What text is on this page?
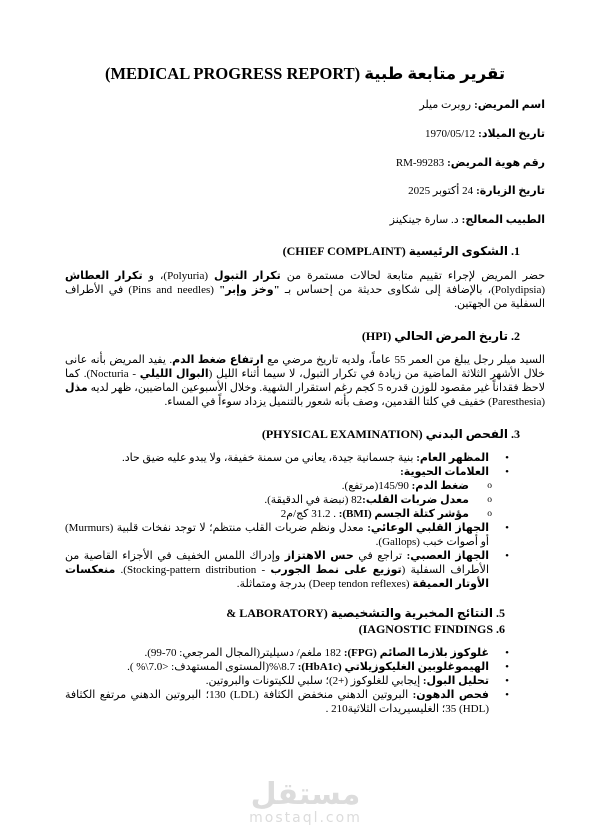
تقرير متابعة طبية (MEDICAL PROGRESS REPORT)
اسم المريض:روبرت ميلر
تاريخ الميلاد:1970/05/12
رقم هوية المريض:RM-99283
تاريخ الزيارة:24 أكتوبر 2025
الطبيب المعالج:د. سارة جينكينز
1. الشكوى الرئيسية (CHIEF COMPLAINT)

حضر المريض لإجراء تقييم متابعة لحالات مستمرة من تكرار التبول (Polyuria)، و تكرار العطاش (Polydipsia)، بالإضافة إلى شكاوى حديثة من إحساس بـ "وخز وإبر" (Pins and needles) في الأطراف السفلية من الجهتين.

2. تاريخ المرض الحالي (HPI)

السيد ميلر رجل يبلغ من العمر 55 عاماً، ولديه تاريخ مرضي مع ارتفاع ضغط الدم. يفيد المريض بأنه عانى خلال الأشهر الثلاثة الماضية من زيادة في تكرار التبول، لا سيما أثناء الليل (البوال الليلي - Nocturia). كما لاحظ فقداناً غير مقصود للوزن قدره 5 كجم رغم استقرار الشهية. وخلال الأسبوعين الماضيين، ظهر لديه مذل (Paresthesia) خفيف في كلتا القدمين، وصف بأنه شعور بالتنميل يزداد سوءاً في المساء.

3. الفحص البدني (PHYSICAL EXAMINATION)
• المظهر العام: بنية جسمانية جيدة، يعاني من سمنة خفيفة، ولا يبدو عليه ضيق حاد.
• العلامات الحيوية:
o ضغط الدم: 145/90(مرتفع).
o معدل ضربات القلب:82 (نبضة في الدقيقة).
o مؤشر كتلة الجسم (BMI): . 31.2 كج/م2
• الجهاز القلبي الوعائي: معدل ونظم ضربات القلب منتظم؛ لا توجد نفخات قلبية (Murmurs) أو أصوات خبب (Gallops).
• الجهاز العصبي: تراجع في حس الاهتزاز وإدراك اللمس الخفيف في الأجزاء القاصية من الأطراف السفلية (توزيع على نمط الجورب - Stocking-pattern distribution). منعكسات الأوتار العميقة (Deep tendon reflexes) بدرجة ومتماثلة.
5. النتائج المخبرية والتشخيصية (LABORATORY &
6. (IAGNOSTIC FINDINGS
• غلوكوز بلازما الصائم (FPG): 182 ملغم/ دسيليتر(المجال المرجعي: 70-99).
• الهيموغلوبين الغليكوزيلاتي (HbA1c): 8.7\%(المستوى المستهدف: <7.0\% ).
• تحليل البول: إيجابي للغلوكوز (+2)؛ سلبي للكيتونات والبروتين.
• فحص الدهون: البروتين الدهني منخفض الكثافة (LDL) 130؛ البروتين الدهني مرتفع الكثافة (HDL) 35؛ الغليسيريدات الثلاثية210 .
مستقل
mostaql.com
